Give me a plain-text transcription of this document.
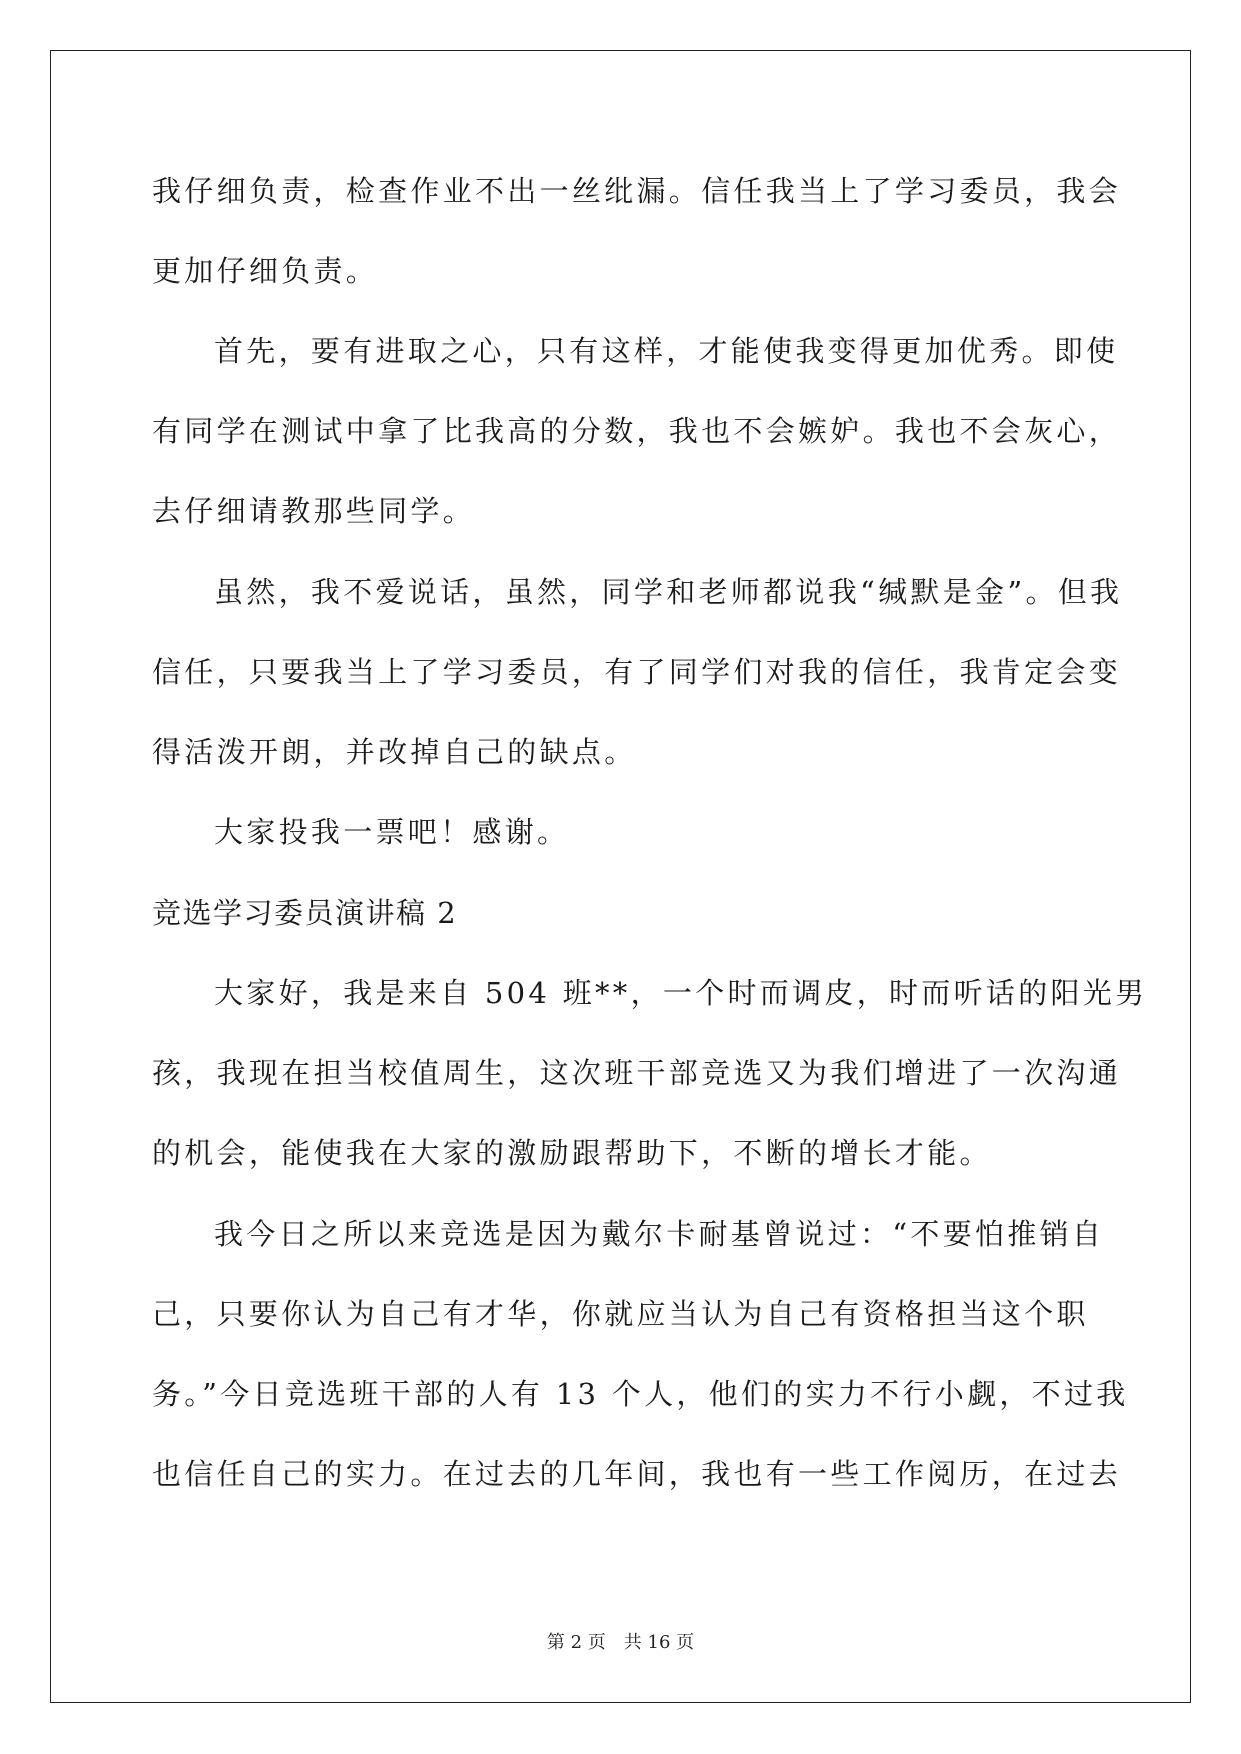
我仔细负责，检查作业不出一丝纰漏。信任我当上了学习委员，我会
更加仔细负责。
首先，要有进取之心，只有这样，才能使我变得更加优秀。即使
有同学在测试中拿了比我高的分数，我也不会嫉妒。我也不会灰心，
去仔细请教那些同学。
虽然，我不爱说话，虽然，同学和老师都说我“缄默是金”。但我
信任，只要我当上了学习委员，有了同学们对我的信任，我肯定会变
得活泼开朗，并改掉自己的缺点。
大家投我一票吧！感谢。
竞选学习委员演讲稿 2
大家好，我是来自 504 班**，一个时而调皮，时而听话的阳光男
孩，我现在担当校值周生，这次班干部竞选又为我们增进了一次沟通
的机会，能使我在大家的激励跟帮助下，不断的增长才能。
我今日之所以来竞选是因为戴尔卡耐基曾说过：“不要怕推销自
己，只要你认为自己有才华，你就应当认为自己有资格担当这个职
务。”今日竞选班干部的人有 13 个人，他们的实力不行小觑，不过我
也信任自己的实力。在过去的几年间，我也有一些工作阅历，在过去
第 2 页 共 16 页
